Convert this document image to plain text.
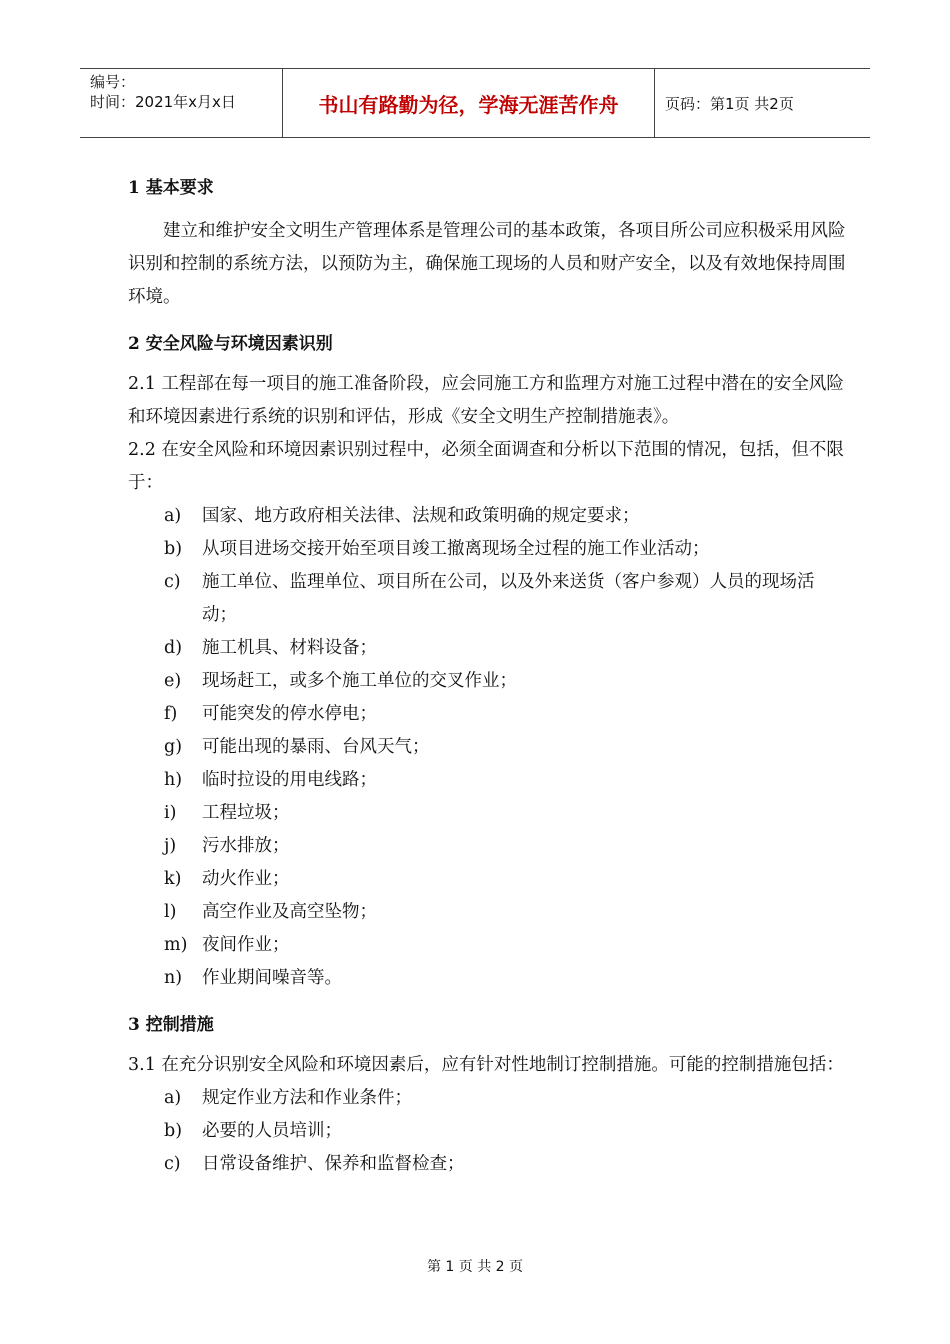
编号：
时间：2021年x月x日	书山有路勤为径，学海无涯苦作舟	页码：第1页 共2页
1 基本要求
建立和维护安全文明生产管理体系是管理公司的基本政策，各项目所公司应积极采用风险识别和控制的系统方法，以预防为主，确保施工现场的人员和财产安全，以及有效地保持周围环境。
2 安全风险与环境因素识别
2.1 工程部在每一项目的施工准备阶段，应会同施工方和监理方对施工过程中潜在的安全风险和环境因素进行系统的识别和评估，形成《安全文明生产控制措施表》。
2.2 在安全风险和环境因素识别过程中，必须全面调查和分析以下范围的情况，包括，但不限于：
a)	国家、地方政府相关法律、法规和政策明确的规定要求；
b)	从项目进场交接开始至项目竣工撤离现场全过程的施工作业活动；
c)	施工单位、监理单位、项目所在公司，以及外来送货（客户参观）人员的现场活动；
d)	施工机具、材料设备；
e)	现场赶工，或多个施工单位的交叉作业；
f)	可能突发的停水停电；
g)	可能出现的暴雨、台风天气；
h)	临时拉设的用电线路；
i)	工程垃圾；
j)	污水排放；
k)	动火作业；
l)	高空作业及高空坠物；
m) 夜间作业；
n)	作业期间噪音等。
3 控制措施
3.1 在充分识别安全风险和环境因素后，应有针对性地制订控制措施。可能的控制措施包括：
a)	规定作业方法和作业条件；
b)	必要的人员培训；
c)	日常设备维护、保养和监督检查；
第 1 页 共 2 页
